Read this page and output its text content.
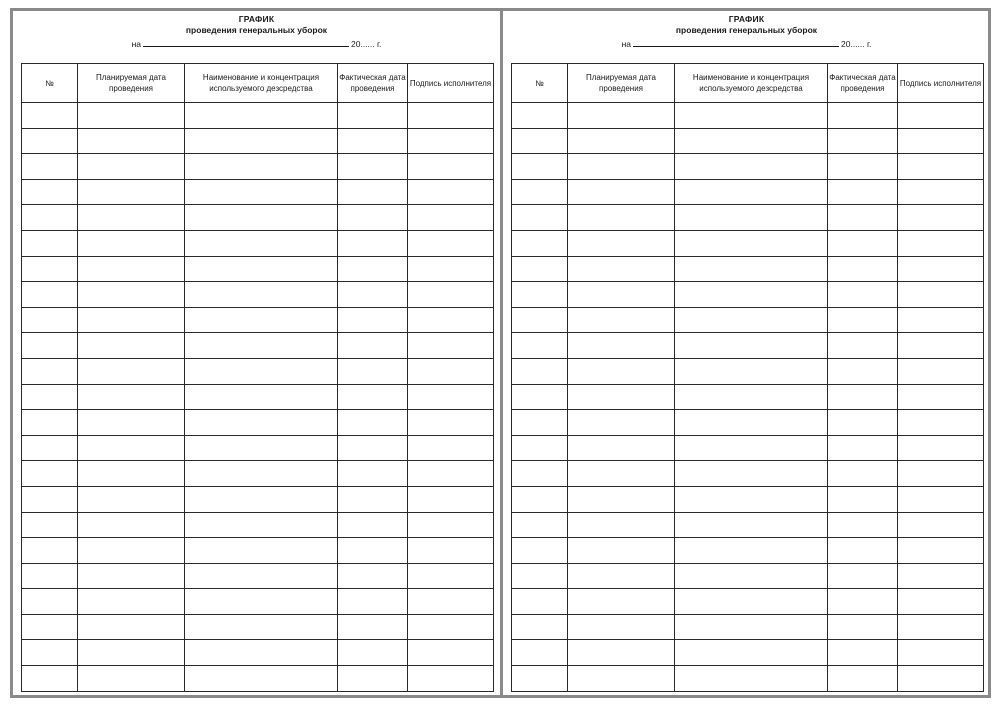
ГРАФИК
проведения генеральных уборок
на	20...... г.
№	Планируемая дата проведения	Наименование и концентрация используемого дезсредства	Фактическая дата проведения	Подпись исполнителя

ГРАФИК
проведения генеральных уборок
на	20...... г.
№	Планируемая дата проведения	Наименование и концентрация используемого дезсредства	Фактическая дата проведения	Подпись исполнителя
